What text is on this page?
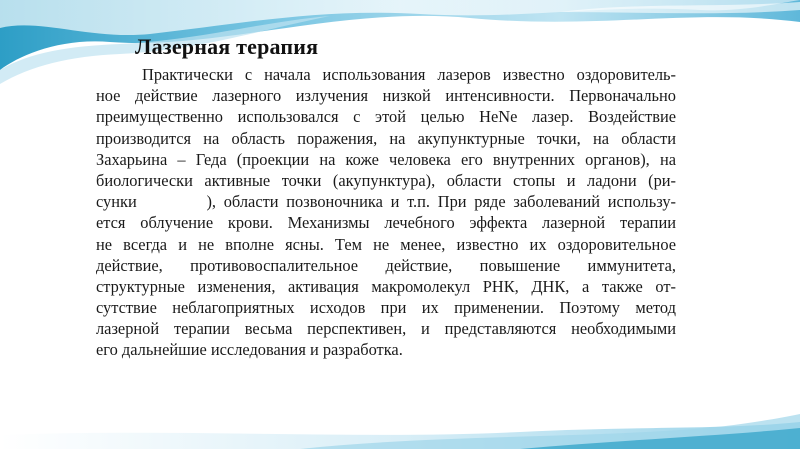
Лазерная терапия
Практически с начала использования лазеров известно оздоровитель-
ное действие лазерного излучения низкой интенсивности. Первоначально
преимущественно использовался с этой целью HeNe лазер. Воздействие
производится на область поражения, на акупунктурные точки, на области
Захарьина – Геда (проекции на коже человека его внутренних органов), на
биологически активные точки (акупунктура), области стопы и ладони (ри-
сунки         ), области позвоночника и т.п. При ряде заболеваний использу-
ется облучение крови. Механизмы лечебного эффекта лазерной терапии
не всегда и не вполне ясны. Тем не менее, известно их оздоровительное
действие, противовоспалительное действие, повышение иммунитета,
структурные изменения, активация макромолекул РНК, ДНК, а также от-
сутствие неблагоприятных исходов при их применении. Поэтому метод
лазерной терапии весьма перспективен, и представляются необходимыми
его дальнейшие исследования и разработка.
